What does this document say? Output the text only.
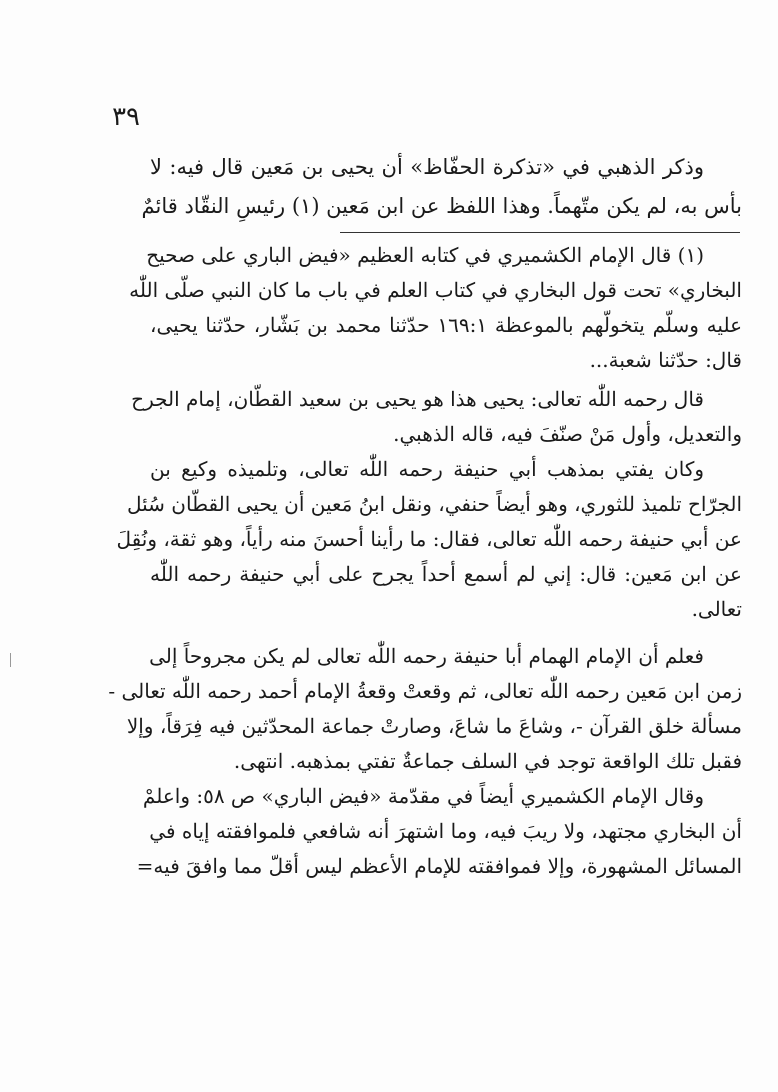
٣٩
وذكر الذهبي في «تذكرة الحفّاظ» أن يحيى بن مَعين قال فيه: لا
بأس به، لم يكن متّهماً. وهذا اللفظ عن ابن مَعين (١) رئيسِ النقّاد قائمٌ
(١) قال الإمام الكشميري في كتابه العظيم «فيض الباري على صحيح
البخاري» تحت قول البخاري في كتاب العلم في باب ما كان النبي صلّى اللّٰه
عليه وسلّم يتخولّهم بالموعظة ١٦٩:١ حدّثنا محمد بن بَشّار، حدّثنا يحيى،
قال: حدّثنا شعبة...
قال رحمه اللّٰه تعالى: يحيى هذا هو يحيى بن سعيد القطّان، إمام الجرح
والتعديل، وأول مَنْ صنّفَ فيه، قاله الذهبي.
وكان يفتي بمذهب أبي حنيفة رحمه اللّٰه تعالى، وتلميذه وكيع بن
الجرّاح تلميذ للثوري، وهو أيضاً حنفي، ونقل ابنُ مَعين أن يحيى القطّان سُئل
عن أبي حنيفة رحمه اللّٰه تعالى، فقال: ما رأينا أحسنَ منه رأياً، وهو ثقة، ونُقِلَ
عن ابن مَعين: قال: إني لم أسمع أحداً يجرح على أبي حنيفة رحمه اللّٰه
تعالى.
فعلم أن الإمام الهمام أبا حنيفة رحمه اللّٰه تعالى لم يكن مجروحاً إلى
زمن ابن مَعين رحمه اللّٰه تعالى، ثم وقعتْ وقعةُ الإمام أحمد رحمه اللّٰه تعالى -
مسألة خلق القرآن -، وشاعَ ما شاعَ، وصارتْ جماعة المحدّثين فيه فِرَقاً، وإلا
فقبل تلك الواقعة توجد في السلف جماعةٌ تفتي بمذهبه. انتهى.
وقال الإمام الكشميري أيضاً في مقدّمة «فيض الباري» ص ٥٨: واعلمْ
أن البخاري مجتهد، ولا ريبَ فيه، وما اشتهرَ أنه شافعي فلموافقته إياه في
المسائل المشهورة، وإلا فموافقته للإمام الأعظم ليس أقلّ مما وافقَ فيه=
